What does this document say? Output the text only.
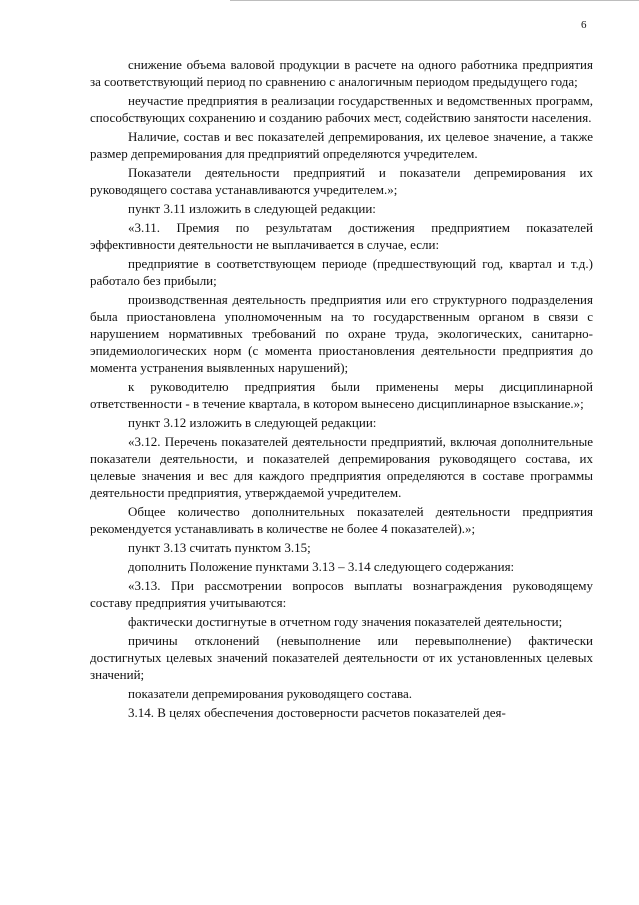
6

снижение объема валовой продукции в расчете на одного работника предприятия за соответствующий период по сравнению с аналогичным периодом предыдущего года;

неучастие предприятия в реализации государственных и ведомственных программ, способствующих сохранению и созданию рабочих мест, содействию занятости населения.

Наличие, состав и вес показателей депремирования, их целевое значение, а также размер депремирования для предприятий определяются учредителем.

Показатели деятельности предприятий и показатели депремирования их руководящего состава устанавливаются учредителем.»;

пункт 3.11 изложить в следующей редакции:

«3.11. Премия по результатам достижения предприятием показателей эффективности деятельности не выплачивается в случае, если:

предприятие в соответствующем периоде (предшествующий год, квартал и т.д.) работало без прибыли;

производственная деятельность предприятия или его структурного подразделения была приостановлена уполномоченным на то государственным органом в связи с нарушением нормативных требований по охране труда, экологических, санитарно-эпидемиологических норм (с момента приостановления деятельности предприятия до момента устранения выявленных нарушений);

к руководителю предприятия были применены меры дисциплинарной ответственности - в течение квартала, в котором вынесено дисциплинарное взыскание.»;

пункт 3.12 изложить в следующей редакции:

«3.12. Перечень показателей деятельности предприятий, включая дополнительные показатели деятельности, и показателей депремирования руководящего состава, их целевые значения и вес для каждого предприятия определяются в составе программы деятельности предприятия, утверждаемой учредителем.

Общее количество дополнительных показателей деятельности предприятия рекомендуется устанавливать в количестве не более 4 показателей).»;

пункт 3.13 считать пунктом 3.15;

дополнить Положение пунктами 3.13 – 3.14 следующего содержания:

«3.13. При рассмотрении вопросов выплаты вознаграждения руководящему составу предприятия учитываются:

фактически достигнутые в отчетном году значения показателей деятельности;

причины отклонений (невыполнение или перевыполнение) фактически достигнутых целевых значений показателей деятельности от их установленных целевых значений;

показатели депремирования руководящего состава.

3.14. В целях обеспечения достоверности расчетов показателей дея-
